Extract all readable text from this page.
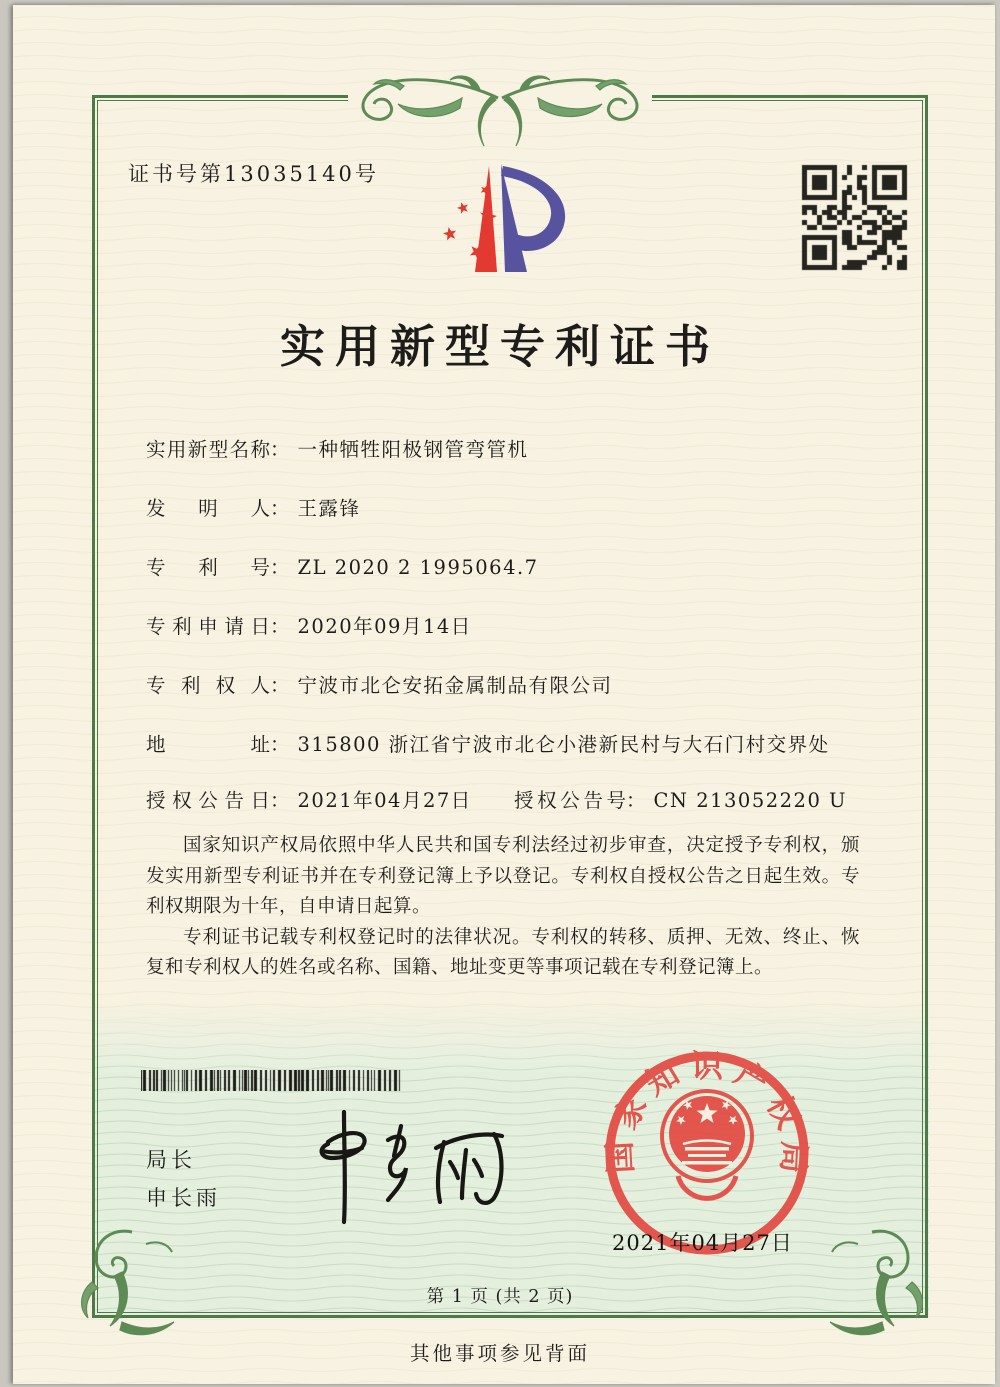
证书号第13035140号
实用新型专利证书
实用新型名称： 一种牺牲阳极钢管弯管机
发明人： 王露锋
专利号： ZL 2020 2 1995064.7
专利申请日： 2020年09月14日
专利权人： 宁波市北仑安拓金属制品有限公司
地址： 315800 浙江省宁波市北仑小港新民村与大石门村交界处
授权公告日： 2021年04月27日 授权公告号： CN 213052220 U

国家知识产权局依照中华人民共和国专利法经过初步审查，决定授予专利权，颁发实用新型专利证书并在专利登记簿上予以登记。专利权自授权公告之日起生效。专利权期限为十年，自申请日起算。

专利证书记载专利权登记时的法律状况。专利权的转移、质押、无效、终止、恢复和专利权人的姓名或名称、国籍、地址变更等事项记载在专利登记簿上。

局长
申长雨
国家知识产权局
2021年04月27日
第 1 页 (共 2 页)
其他事项参见背面
